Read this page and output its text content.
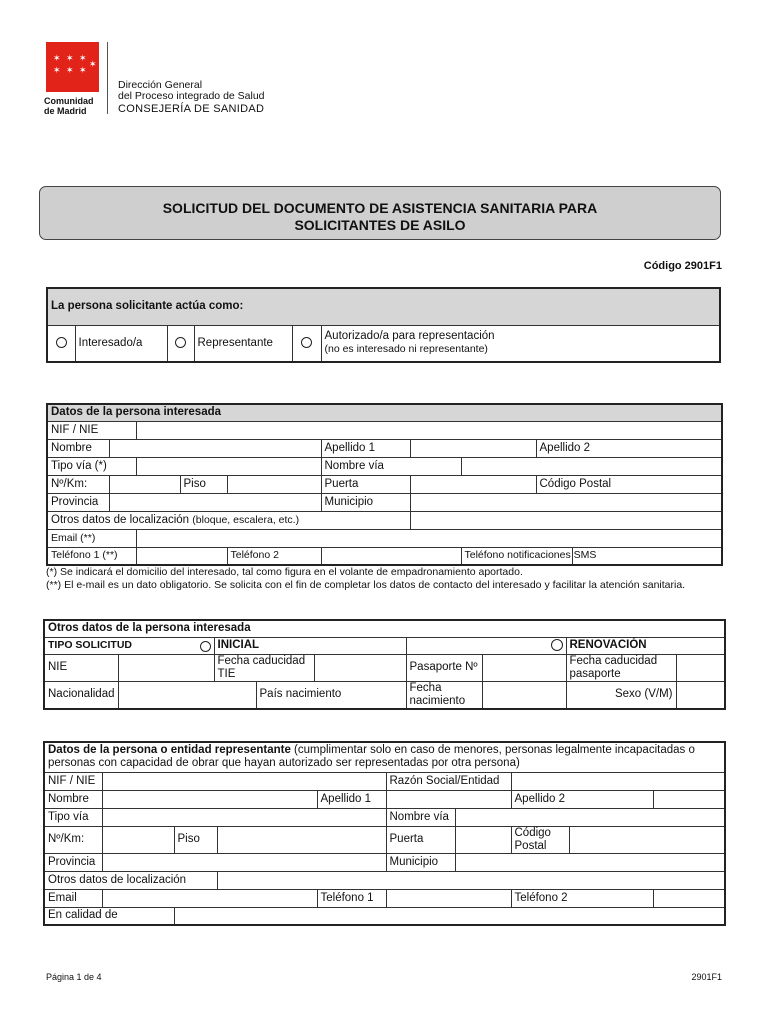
✶ ✶ ✶
✶ ✶ ✶
✶
Comunidad
de Madrid
Dirección General
del Proceso integrado de Salud
CONSEJERÍA DE SANIDAD
SOLICITUD DEL DOCUMENTO DE ASISTENCIA SANITARIA PARA
SOLICITANTES DE ASILO
Código 2901F1
La persona solicitante actúa como:
	Interesado/a		Representante		
Autorizado/a para representación
(no es interesado ni representante)
Datos de la persona interesada									
NIF / NIE									
Nombre					Apellido 1			Apellido 2	
Tipo vía (*)					Nombre vía				
Nº/Km:			Piso		Puerta			Código Postal	
Provincia					Municipio				
Otros datos de localización (bloque, escalera, etc.)									
Email (**)									
Teléfono 1 (**)				Teléfono 2			Teléfono notificaciones SMS		
(*) Se indicará el domicilio del interesado, tal como figura en el volante de empadronamiento aportado.
(**) El e-mail es un dato obligatorio. Se solicita con el fin de completar los datos de contacto del interesado y facilitar la atención sanitaria.
Otros datos de la persona interesada								
TIPO SOLICITUD		INICIAL					RENOVACIÓN	
NIE		Fecha caducidad TIE			Pasaporte Nº		Fecha caducidad pasaporte	
Nacionalidad			País nacimiento		Fecha nacimiento		Sexo (V/M)	
Datos de la persona o entidad representante (cumplimentar solo en caso de menores, personas legalmente incapacitadas o personas con capacidad de obrar que hayan autorizado ser representadas por otra persona)									
NIF / NIE					Razón Social/Entidad				
Nombre				Apellido 1			Apellido 2		
Tipo vía					Nombre vía				
Nº/Km:		Piso			Puerta		Código Postal		
Provincia					Municipio				
Otros datos de localización									
Email				Teléfono 1			Teléfono 2		
En calidad de									
Página 1 de 4	2901F1
